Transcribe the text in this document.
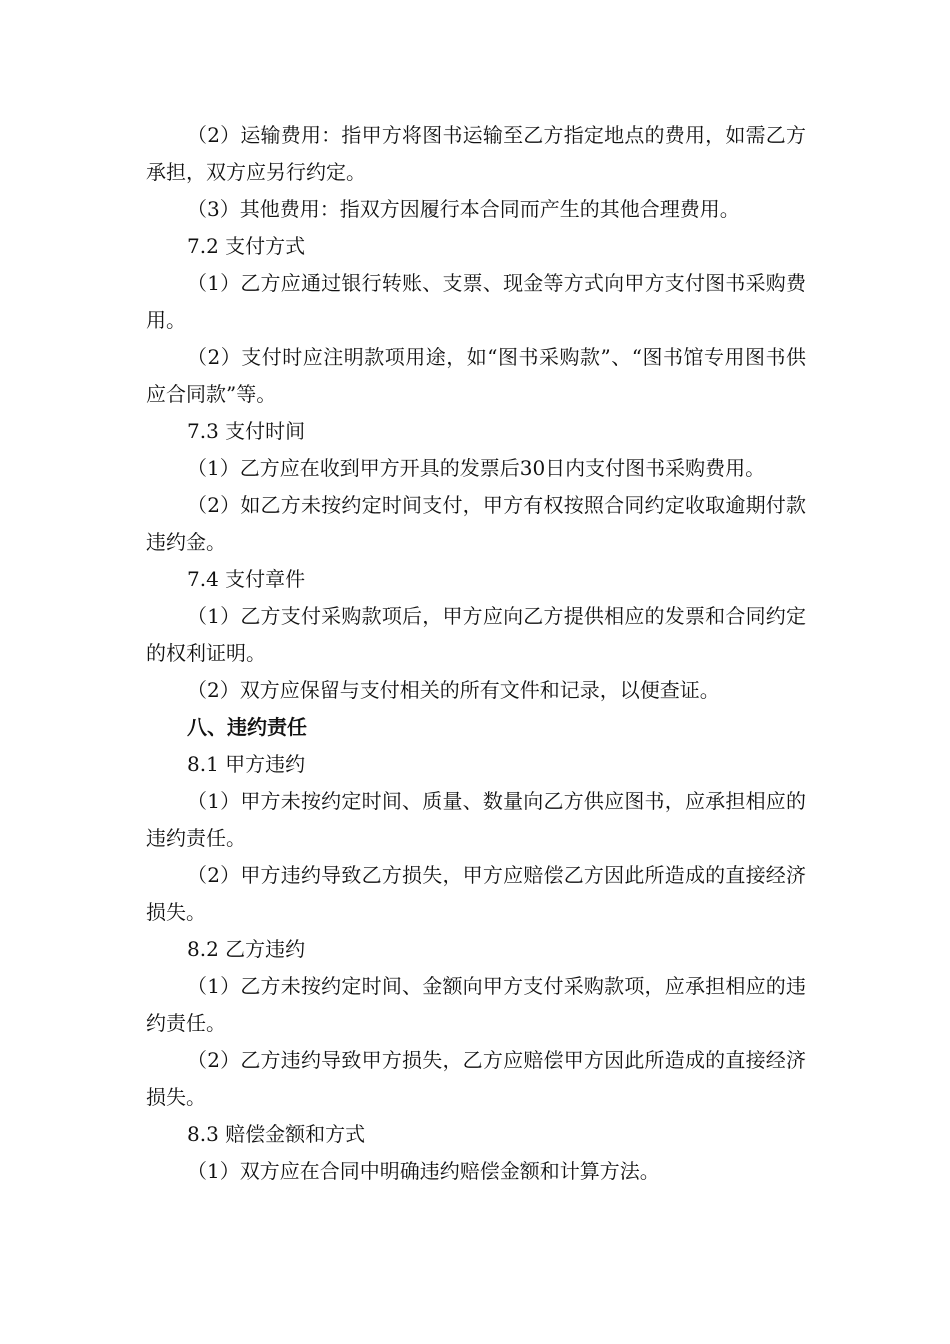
（2）运输费用：指甲方将图书运输至乙方指定地点的费用，如需乙方承担，双方应另行约定。

（3）其他费用：指双方因履行本合同而产生的其他合理费用。

7.2 支付方式

（1）乙方应通过银行转账、支票、现金等方式向甲方支付图书采购费用。

（2）支付时应注明款项用途，如“图书采购款”、“图书馆专用图书供应合同款”等。

7.3 支付时间

（1）乙方应在收到甲方开具的发票后30日内支付图书采购费用。

（2）如乙方未按约定时间支付，甲方有权按照合同约定收取逾期付款违约金。

7.4 支付章件

（1）乙方支付采购款项后，甲方应向乙方提供相应的发票和合同约定的权利证明。

（2）双方应保留与支付相关的所有文件和记录，以便查证。

八、违约责任

8.1 甲方违约

（1）甲方未按约定时间、质量、数量向乙方供应图书，应承担相应的违约责任。

（2）甲方违约导致乙方损失，甲方应赔偿乙方因此所造成的直接经济损失。

8.2 乙方违约

（1）乙方未按约定时间、金额向甲方支付采购款项，应承担相应的违约责任。

（2）乙方违约导致甲方损失，乙方应赔偿甲方因此所造成的直接经济损失。

8.3 赔偿金额和方式

（1）双方应在合同中明确违约赔偿金额和计算方法。
